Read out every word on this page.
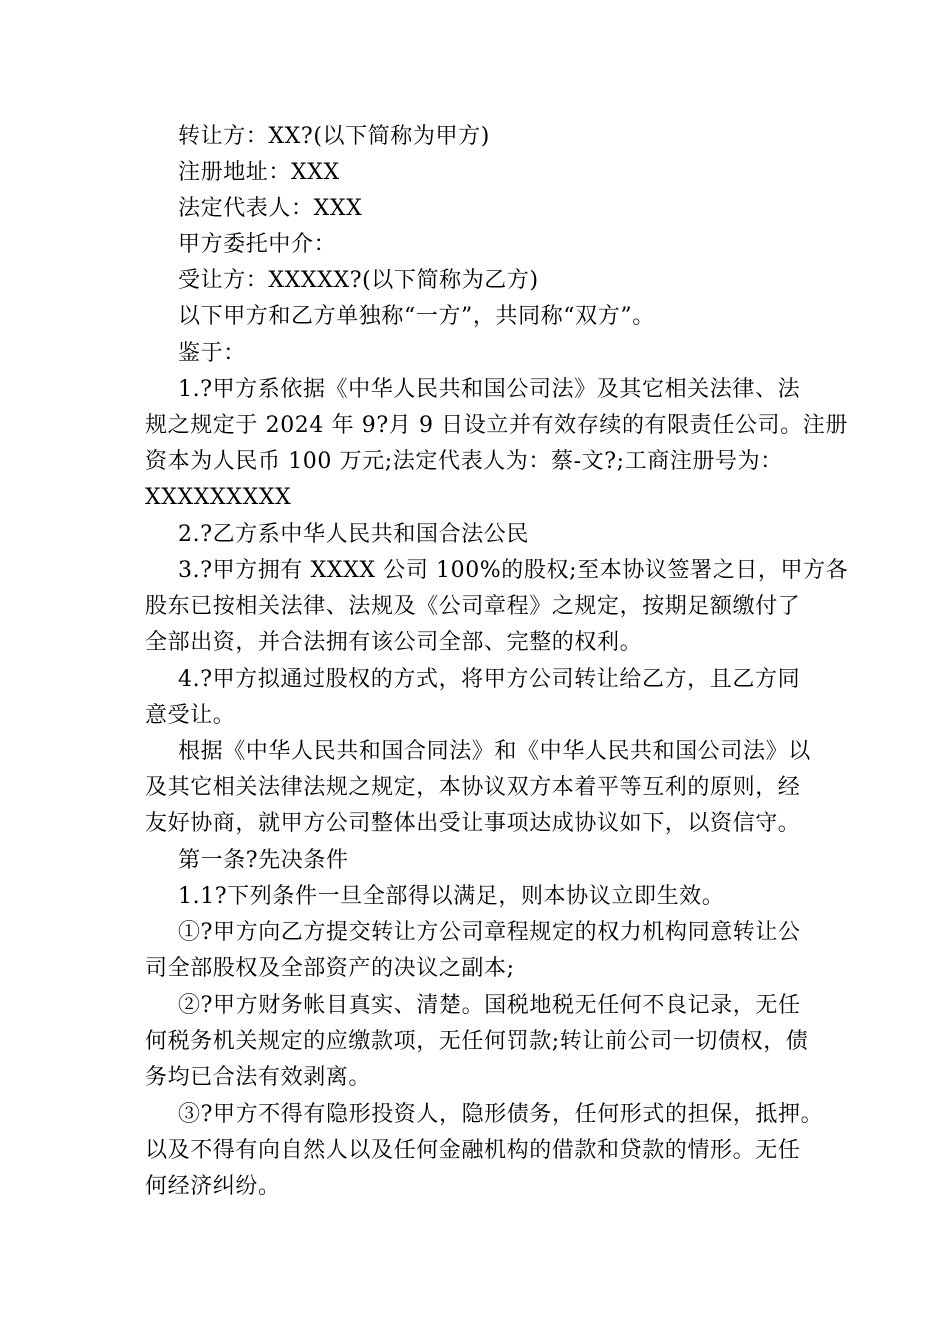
转让方：XX?(以下简称为甲方)
注册地址：XXX
法定代表人：XXX
甲方委托中介：
受让方：XXXXX?(以下简称为乙方)
以下甲方和乙方单独称“一方”，共同称“双方”。
鉴于：
1.?甲方系依据《中华人民共和国公司法》及其它相关法律、法
规之规定于 2024 年 9?月 9 日设立并有效存续的有限责任公司。注册
资本为人民币 100 万元;法定代表人为：蔡-文?;工商注册号为：
XXXXXXXXX
2.?乙方系中华人民共和国合法公民
3.?甲方拥有 XXXX 公司 100%的股权;至本协议签署之日，甲方各
股东已按相关法律、法规及《公司章程》之规定，按期足额缴付了
全部出资，并合法拥有该公司全部、完整的权利。
4.?甲方拟通过股权的方式，将甲方公司转让给乙方，且乙方同
意受让。
根据《中华人民共和国合同法》和《中华人民共和国公司法》以
及其它相关法律法规之规定，本协议双方本着平等互利的原则，经
友好协商，就甲方公司整体出受让事项达成协议如下，以资信守。
第一条?先决条件
1.1?下列条件一旦全部得以满足，则本协议立即生效。
①?甲方向乙方提交转让方公司章程规定的权力机构同意转让公
司全部股权及全部资产的决议之副本;
②?甲方财务帐目真实、清楚。国税地税无任何不良记录，无任
何税务机关规定的应缴款项，无任何罚款;转让前公司一切债权，债
务均已合法有效剥离。
③?甲方不得有隐形投资人，隐形债务，任何形式的担保，抵押。
以及不得有向自然人以及任何金融机构的借款和贷款的情形。无任
何经济纠纷。
